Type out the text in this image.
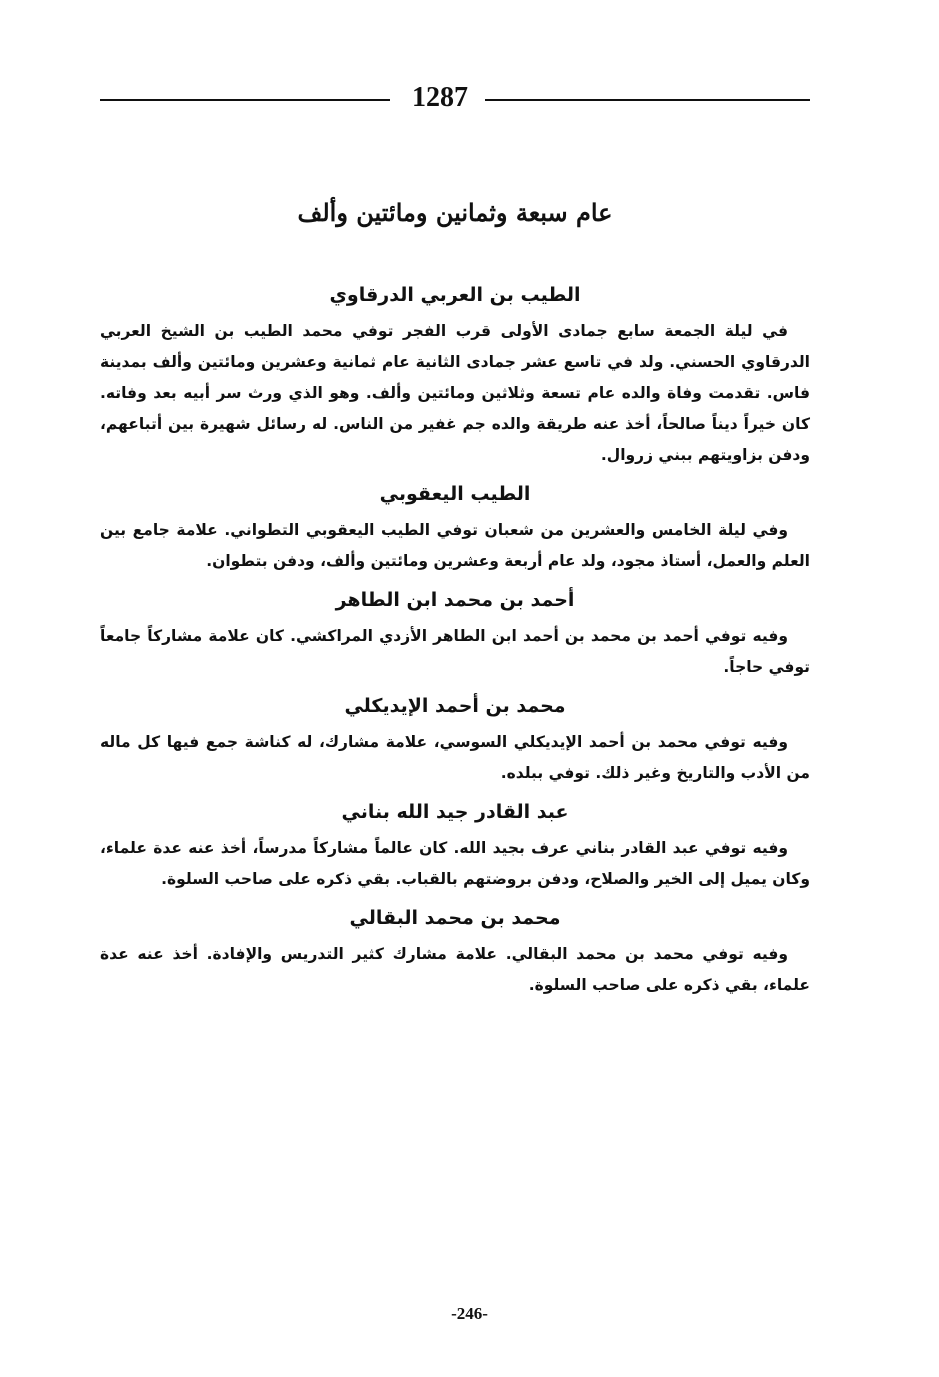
1287
عام سبعة وثمانين ومائتين وألف
الطيب بن العربي الدرقاوي

في ليلة الجمعة سابع جمادى الأولى قرب الفجر توفي محمد الطيب بن الشيخ العربي الدرقاوي الحسني. ولد في تاسع عشر جمادى الثانية عام ثمانية وعشرين ومائتين وألف بمدينة فاس. تقدمت وفاة والده عام تسعة وثلاثين ومائتين وألف. وهو الذي ورث سر أبيه بعد وفاته. كان خيراً ديناً صالحاً، أخذ عنه طريقة والده جم غفير من الناس. له رسائل شهيرة بين أتباعهم، ودفن بزاويتهم ببني زروال.

الطيب اليعقوبي

وفي ليلة الخامس والعشرين من شعبان توفي الطيب اليعقوبي التطواني. علامة جامع بين العلم والعمل، أستاذ مجود، ولد عام أربعة وعشرين ومائتين وألف، ودفن بتطوان.

أحمد بن محمد ابن الطاهر

وفيه توفي أحمد بن محمد بن أحمد ابن الطاهر الأزدي المراكشي. كان علامة مشاركاً جامعاً توفي حاجاً.

محمد بن أحمد الإيديكلي

وفيه توفي محمد بن أحمد الإيديكلي السوسي، علامة مشارك، له كناشة جمع فيها كل ماله من الأدب والتاريخ وغير ذلك. توفي ببلده.

عبد القادر جيد الله بناني

وفيه توفي عبد القادر بناني عرف بجيد الله. كان عالماً مشاركاً مدرساً، أخذ عنه عدة علماء، وكان يميل إلى الخير والصلاح، ودفن بروضتهم بالقباب. بقي ذكره على صاحب السلوة.

محمد بن محمد البقالي

وفيه توفي محمد بن محمد البقالي. علامة مشارك كثير التدريس والإفادة. أخذ عنه عدة علماء، بقي ذكره على صاحب السلوة.

-246-
